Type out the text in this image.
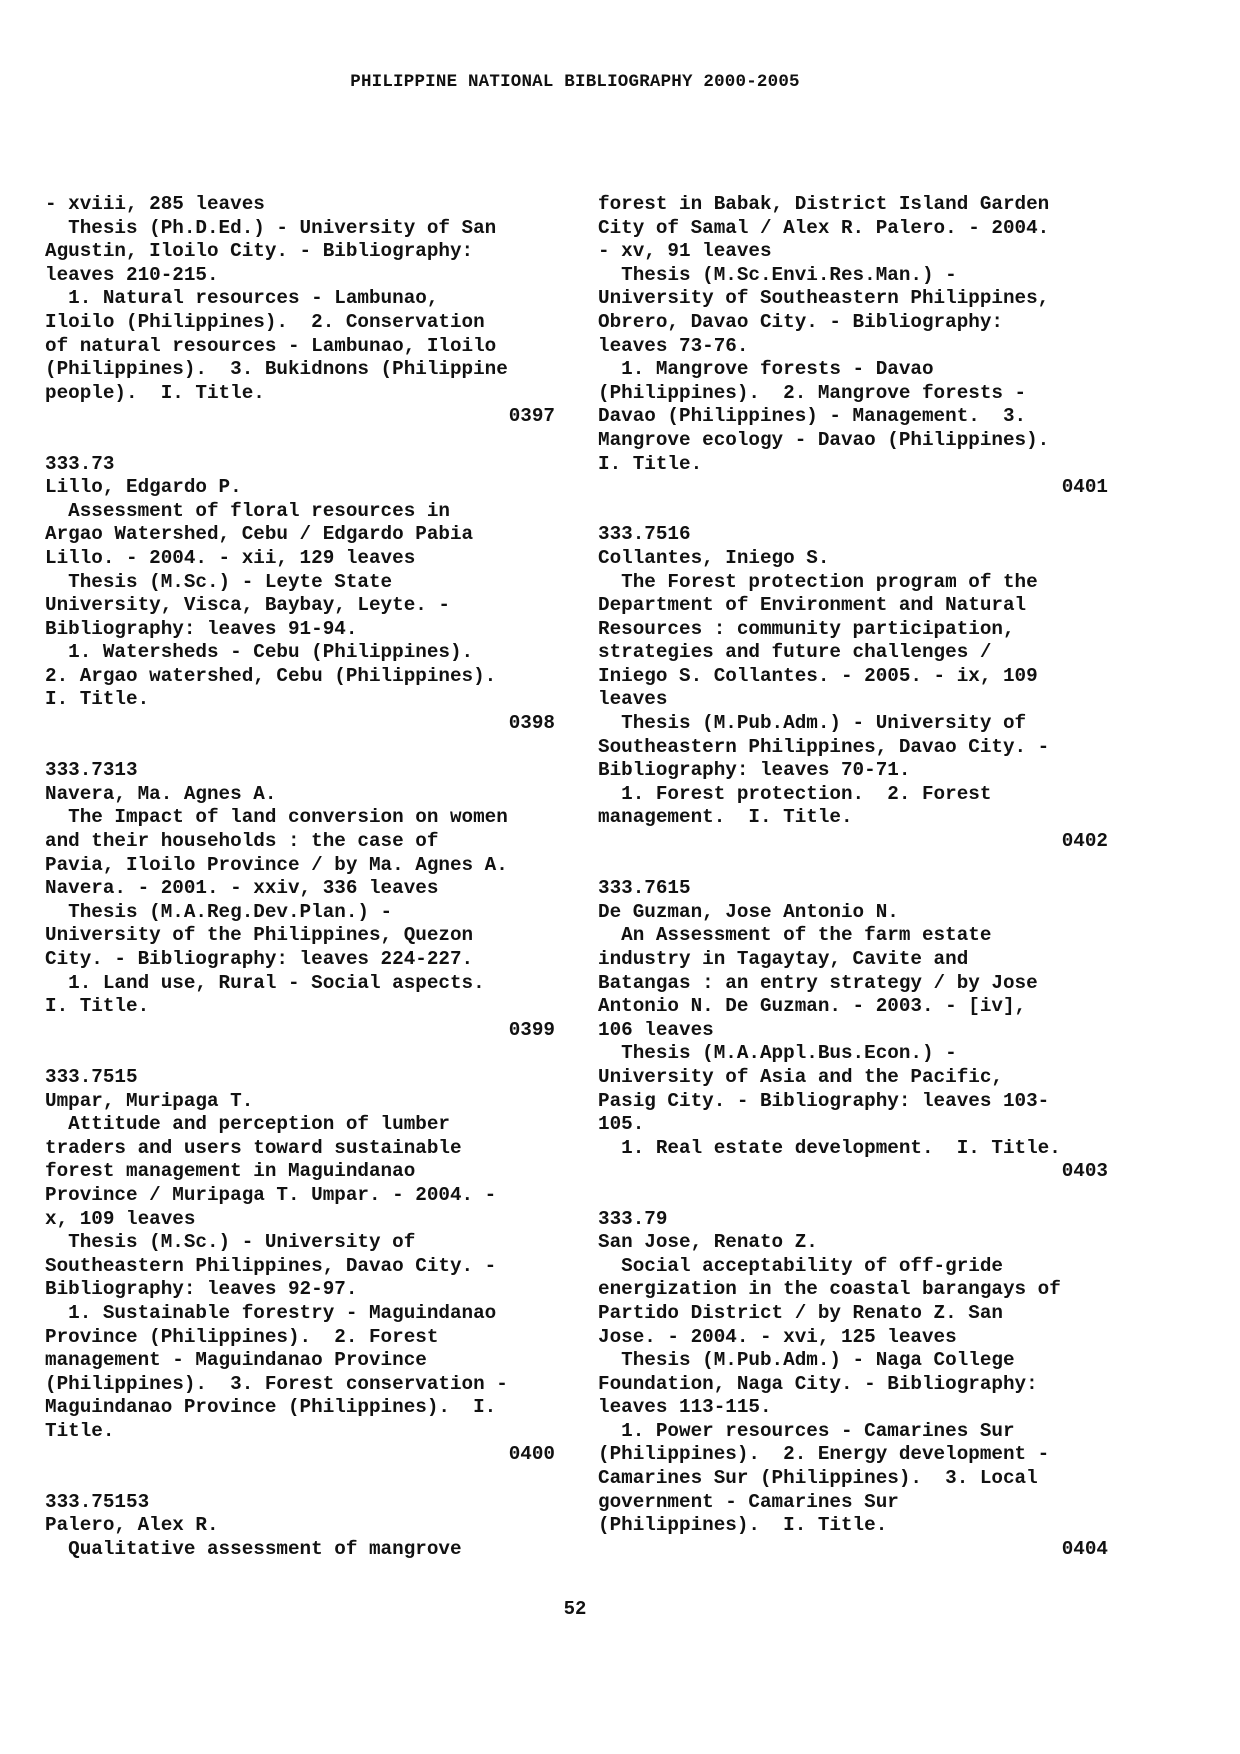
PHILIPPINE NATIONAL BIBLIOGRAPHY 2000-2005
- xviii, 285 leaves
Thesis (Ph.D.Ed.) - University of San
Agustin, Iloilo City. - Bibliography:
leaves 210-215.
1. Natural resources - Lambunao,
Iloilo (Philippines).  2. Conservation
of natural resources - Lambunao, Iloilo
(Philippines).  3. Bukidnons (Philippine
people).  I. Title.
0397
333.73
Lillo, Edgardo P.
Assessment of floral resources in
Argao Watershed, Cebu / Edgardo Pabia
Lillo. - 2004. - xii, 129 leaves
Thesis (M.Sc.) - Leyte State
University, Visca, Baybay, Leyte. -
Bibliography: leaves 91-94.
1. Watersheds - Cebu (Philippines).
2. Argao watershed, Cebu (Philippines).
I. Title.
0398
333.7313
Navera, Ma. Agnes A.
The Impact of land conversion on women
and their households : the case of
Pavia, Iloilo Province / by Ma. Agnes A.
Navera. - 2001. - xxiv, 336 leaves
Thesis (M.A.Reg.Dev.Plan.) -
University of the Philippines, Quezon
City. - Bibliography: leaves 224-227.
1. Land use, Rural - Social aspects.
I. Title.
0399
333.7515
Umpar, Muripaga T.
Attitude and perception of lumber
traders and users toward sustainable
forest management in Maguindanao
Province / Muripaga T. Umpar. - 2004. -
x, 109 leaves
Thesis (M.Sc.) - University of
Southeastern Philippines, Davao City. -
Bibliography: leaves 92-97.
1. Sustainable forestry - Maguindanao
Province (Philippines).  2. Forest
management - Maguindanao Province
(Philippines).  3. Forest conservation -
Maguindanao Province (Philippines).  I.
Title.
0400
333.75153
Palero, Alex R.
Qualitative assessment of mangrove
forest in Babak, District Island Garden
City of Samal / Alex R. Palero. - 2004.
- xv, 91 leaves
Thesis (M.Sc.Envi.Res.Man.) -
University of Southeastern Philippines,
Obrero, Davao City. - Bibliography:
leaves 73-76.
1. Mangrove forests - Davao
(Philippines).  2. Mangrove forests -
Davao (Philippines) - Management.  3.
Mangrove ecology - Davao (Philippines).
I. Title.
0401
333.7516
Collantes, Iniego S.
The Forest protection program of the
Department of Environment and Natural
Resources : community participation,
strategies and future challenges /
Iniego S. Collantes. - 2005. - ix, 109
leaves
Thesis (M.Pub.Adm.) - University of
Southeastern Philippines, Davao City. -
Bibliography: leaves 70-71.
1. Forest protection.  2. Forest
management.  I. Title.
0402
333.7615
De Guzman, Jose Antonio N.
An Assessment of the farm estate
industry in Tagaytay, Cavite and
Batangas : an entry strategy / by Jose
Antonio N. De Guzman. - 2003. - [iv],
106 leaves
Thesis (M.A.Appl.Bus.Econ.) -
University of Asia and the Pacific,
Pasig City. - Bibliography: leaves 103-
105.
1. Real estate development.  I. Title.
0403
333.79
San Jose, Renato Z.
Social acceptability of off-gride
energization in the coastal barangays of
Partido District / by Renato Z. San
Jose. - 2004. - xvi, 125 leaves
Thesis (M.Pub.Adm.) - Naga College
Foundation, Naga City. - Bibliography:
leaves 113-115.
1. Power resources - Camarines Sur
(Philippines).  2. Energy development -
Camarines Sur (Philippines).  3. Local
government - Camarines Sur
(Philippines).  I. Title.
0404
52
